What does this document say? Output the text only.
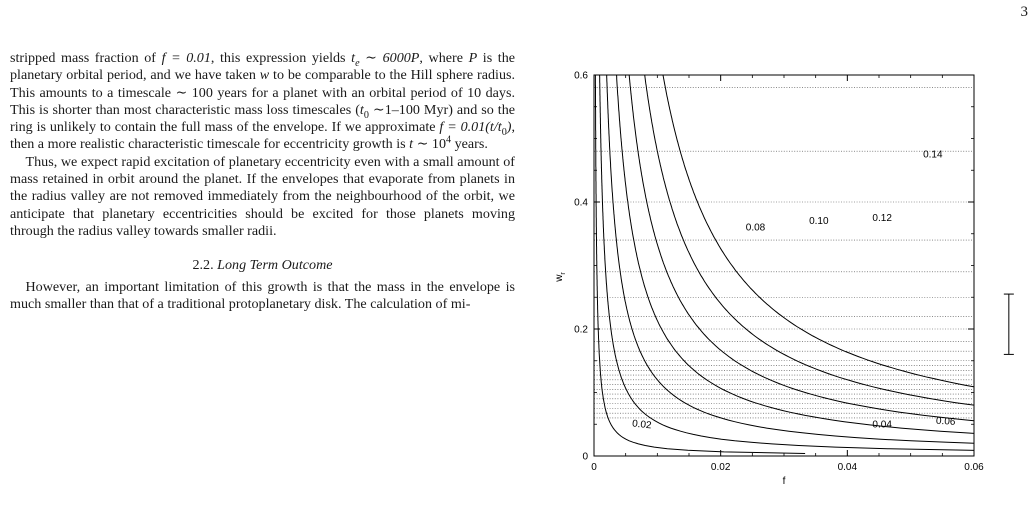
3

stripped mass fraction of f = 0.01, this expression yields $t_e$ ∼ 6000P, where P is the planetary orbital period, and we have taken w to be comparable to the Hill sphere radius. This amounts to a timescale ∼ 100 years for a planet with an orbital period of 10 days. This is shorter than most characteristic mass loss timescales ($t_0$ ∼1–100 Myr) and so the ring is unlikely to contain the full mass of the envelope. If we approximate $f = 0.01(t/t_0)$, then a more realistic characteristic timescale for eccentricity growth is t ∼ $10^4$ years.

Thus, we expect rapid excitation of planetary eccentricity even with a small amount of mass retained in orbit around the planet. If the envelopes that evaporate from planets in the radius valley are not removed immediately from the neighbourhood of the orbit, we anticipate that planetary eccentricities should be excited for those planets moving through the radius valley towards smaller radii.

2.2. Long Term Outcome

However, an important limitation of this growth is that the mass in the envelope is much smaller than that of a traditional protoplanetary disk. The calculation of mi-

0.02	0.04	0.06
0.08
0.10	0.12
0.14
0	0.02	0.04	0.06
0
0.2
0.4
0.6
f
$w_r$
